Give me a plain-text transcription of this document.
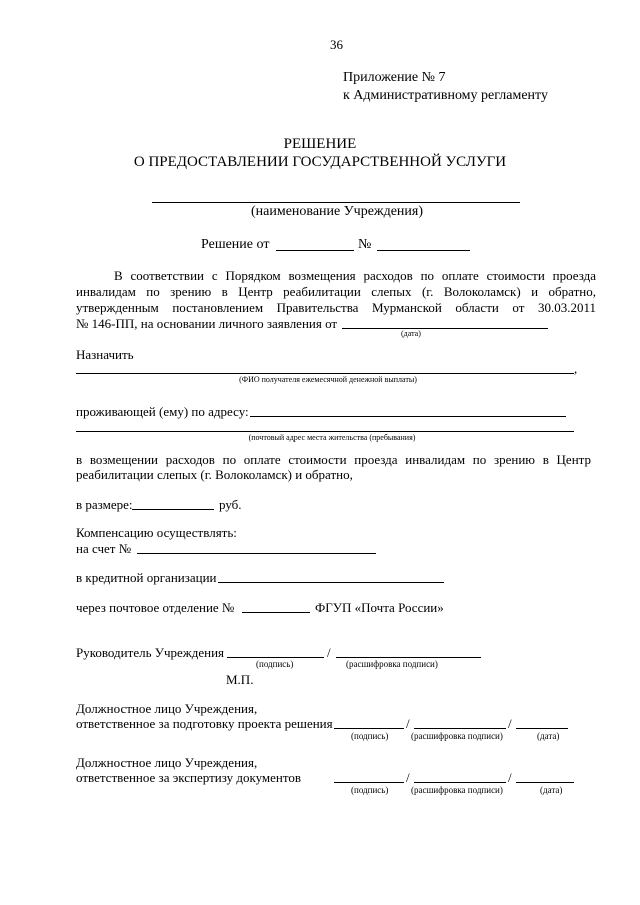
36
Приложение № 7
к Административному регламенту
РЕШЕНИЕ
О ПРЕДОСТАВЛЕНИИ ГОСУДАРСТВЕННОЙ УСЛУГИ
(наименование Учреждения)
Решение от	№
В соответствии с Порядком возмещения расходов по оплате стоимости проезда
инвалидам по зрению в Центр реабилитации слепых (г. Волоколамск) и обратно,
утвержденным постановлением Правительства Мурманской области от 30.03.2011
№ 146-ПП, на основании личного заявления от
(дата)
Назначить
,
(ФИО получателя ежемесячной денежной выплаты)
проживающей (ему) по адресу:
(почтовый адрес места жительства (пребывания)
в возмещении расходов по оплате стоимости проезда инвалидам по зрению в Центр
реабилитации слепых (г. Волоколамск) и обратно,
в размере:	руб.
Компенсацию осуществлять:
на счет №
в кредитной организации
через почтовое отделение №	ФГУП «Почта России»
Руководитель Учреждения	/
(подпись)	(расшифровка подписи)
М.П.
Должностное лицо Учреждения,
ответственное за подготовку проекта решения	/	/
(подпись)	(расшифровка подписи)	(дата)
Должностное лицо Учреждения,
ответственное за экспертизу документов	/	/
(подпись)	(расшифровка подписи)	(дата)
